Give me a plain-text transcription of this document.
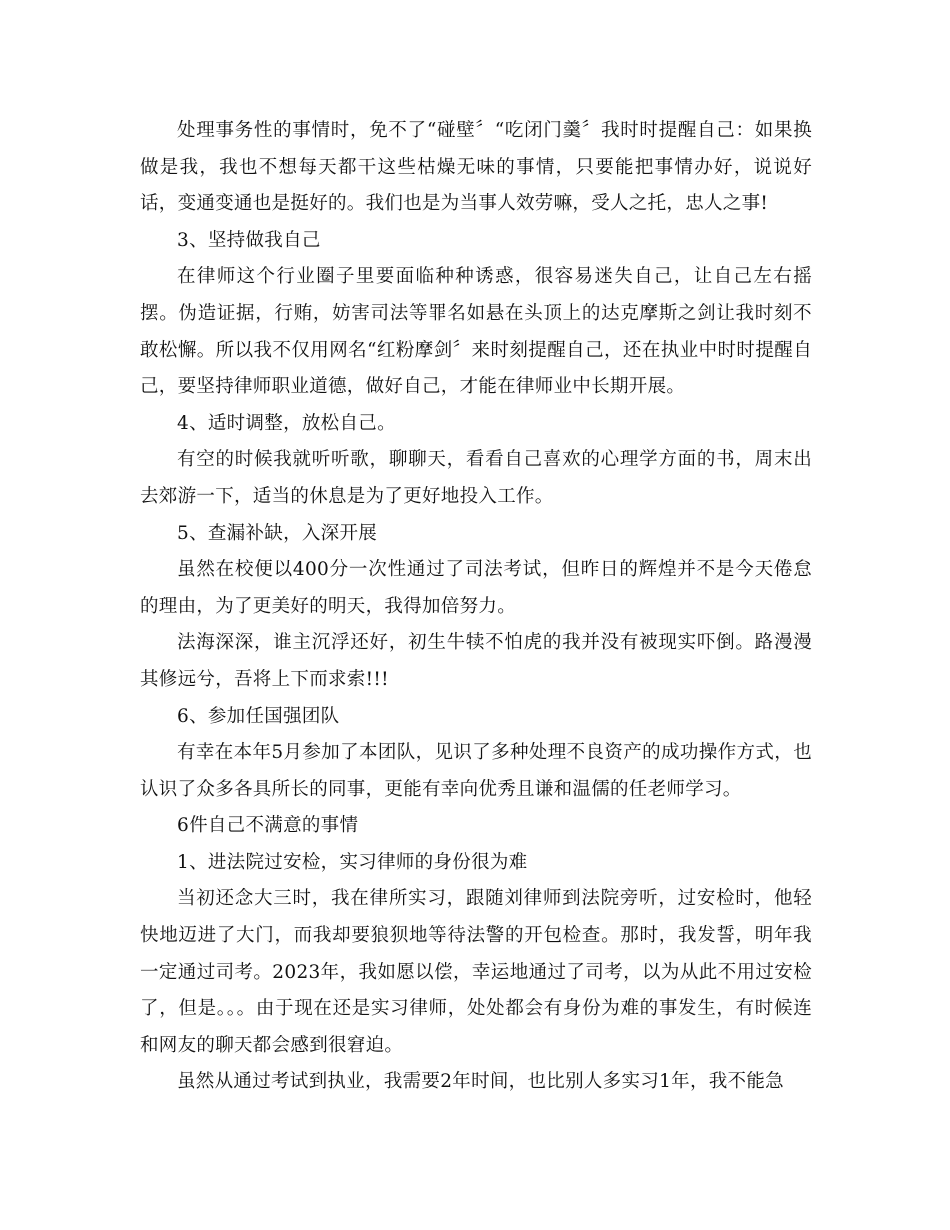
处理事务性的事情时，免不了“碰壁〞“吃闭门羹〞我时时提醒自己：如果换做是我，我也不想每天都干这些枯燥无味的事情，只要能把事情办好，说说好话，变通变通也是挺好的。我们也是为当事人效劳嘛，受人之托，忠人之事!

3、坚持做我自己

在律师这个行业圈子里要面临种种诱惑，很容易迷失自己，让自己左右摇摆。伪造证据，行贿，妨害司法等罪名如悬在头顶上的达克摩斯之剑让我时刻不敢松懈。所以我不仅用网名“红粉摩剑〞来时刻提醒自己，还在执业中时时提醒自己，要坚持律师职业道德，做好自己，才能在律师业中长期开展。

4、适时调整，放松自己。

有空的时候我就听听歌，聊聊天，看看自己喜欢的心理学方面的书，周末出去郊游一下，适当的休息是为了更好地投入工作。

5、查漏补缺，入深开展

虽然在校便以400分一次性通过了司法考试，但昨日的辉煌并不是今天倦怠的理由，为了更美好的明天，我得加倍努力。

法海深深，谁主沉浮还好，初生牛犊不怕虎的我并没有被现实吓倒。路漫漫其修远兮，吾将上下而求索!!!

6、参加任国强团队

有幸在本年5月参加了本团队，见识了多种处理不良资产的成功操作方式，也认识了众多各具所长的同事，更能有幸向优秀且谦和温儒的任老师学习。

6件自己不满意的事情

1、进法院过安检，实习律师的身份很为难

当初还念大三时，我在律所实习，跟随刘律师到法院旁听，过安检时，他轻快地迈进了大门，而我却要狼狈地等待法警的开包检查。那时，我发誓，明年我一定通过司考。2023年，我如愿以偿，幸运地通过了司考，以为从此不用过安检了，但是。。。由于现在还是实习律师，处处都会有身份为难的事发生，有时候连和网友的聊天都会感到很窘迫。

虽然从通过考试到执业，我需要2年时间，也比别人多实习1年，我不能急
